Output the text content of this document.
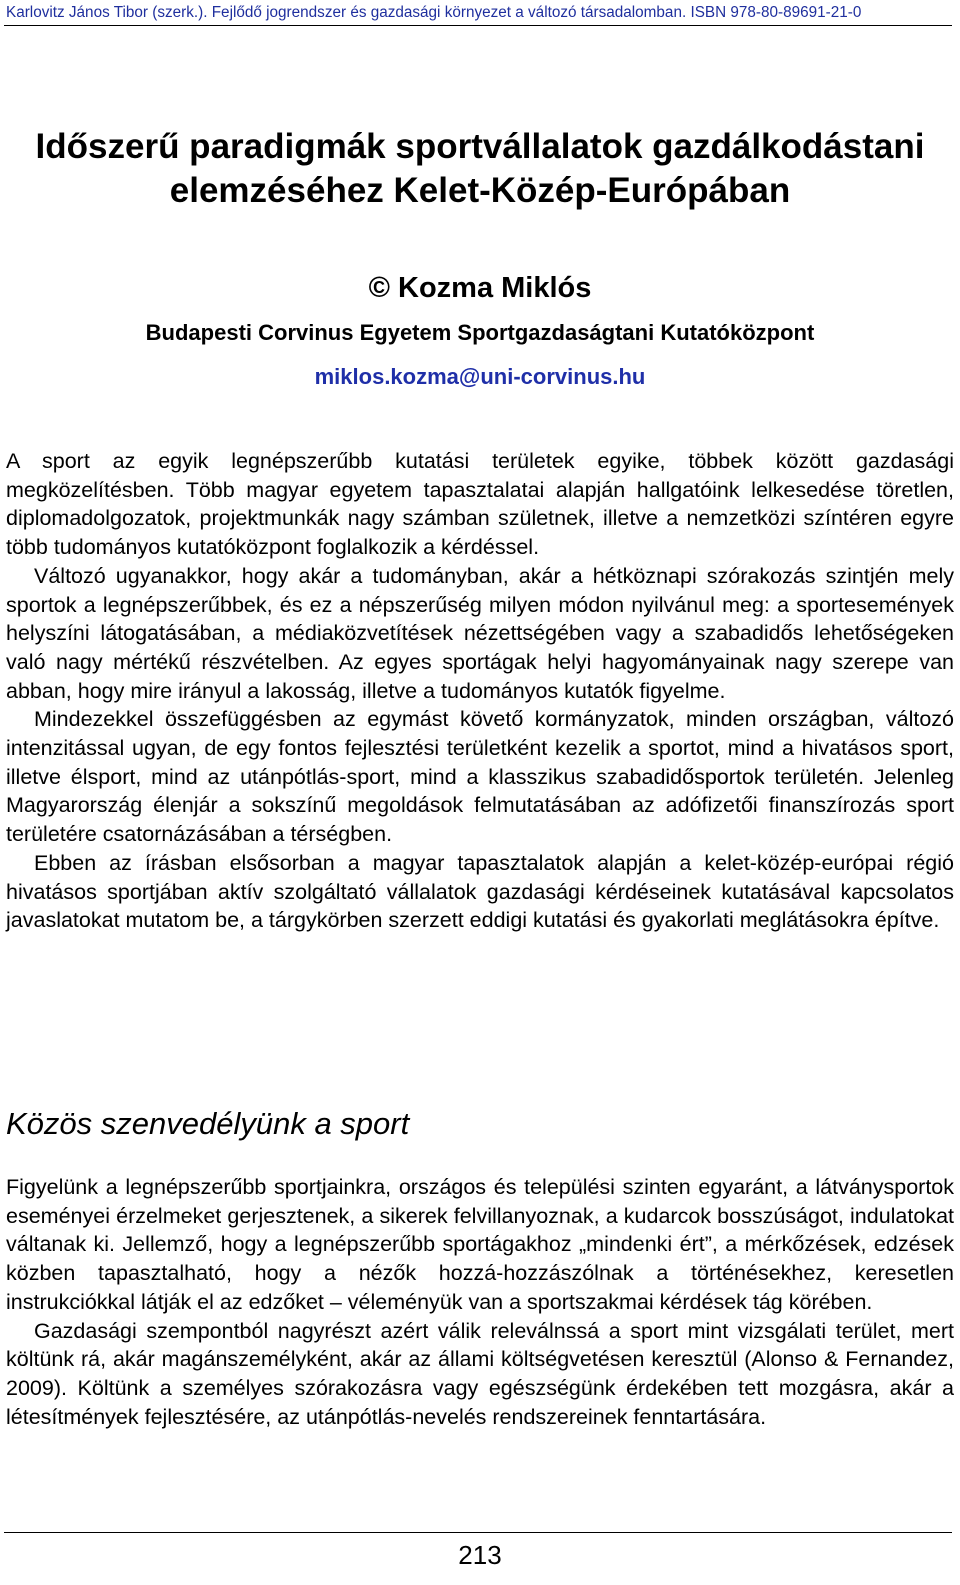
Karlovitz János Tibor (szerk.). Fejlődő jogrendszer és gazdasági környezet a változó társadalomban. ISBN 978-80-89691-21-0
Időszerű paradigmák sportvállalatok gazdálkodástani elemzéséhez Kelet-Közép-Európában
© Kozma Miklós
Budapesti Corvinus Egyetem Sportgazdaságtani Kutatóközpont
miklos.kozma@uni-corvinus.hu

A sport az egyik legnépszerűbb kutatási területek egyike, többek között gazdasági megközelítésben. Több magyar egyetem tapasztalatai alapján hallgatóink lelkesedése töretlen, diplomadolgozatok, projektmunkák nagy számban születnek, illetve a nemzetközi színtéren egyre több tudományos kutatóközpont foglalkozik a kérdéssel.

Változó ugyanakkor, hogy akár a tudományban, akár a hétköznapi szórakozás szintjén mely sportok a legnépszerűbbek, és ez a népszerűség milyen módon nyilvánul meg: a sportesemények helyszíni látogatásában, a médiaközvetítések nézettségében vagy a szabadidős lehetőségeken való nagy mértékű részvételben. Az egyes sportágak helyi hagyományainak nagy szerepe van abban, hogy mire irányul a lakosság, illetve a tudományos kutatók figyelme.

Mindezekkel összefüggésben az egymást követő kormányzatok, minden országban, változó intenzitással ugyan, de egy fontos fejlesztési területként kezelik a sportot, mind a hivatásos sport, illetve élsport, mind az utánpótlás-sport, mind a klasszikus szabadidősportok területén. Jelenleg Magyarország élenjár a sokszínű megoldások felmutatásában az adófizetői finanszírozás sport területére csatornázásában a térségben.

Ebben az írásban elsősorban a magyar tapasztalatok alapján a kelet-közép-európai régió hivatásos sportjában aktív szolgáltató vállalatok gazdasági kérdéseinek kutatásával kapcsolatos javaslatokat mutatom be, a tárgykörben szerzett eddigi kutatási és gyakorlati meglátásokra építve.

Közös szenvedélyünk a sport

Figyelünk a legnépszerűbb sportjainkra, országos és települési szinten egyaránt, a látványsportok eseményei érzelmeket gerjesztenek, a sikerek felvillanyoznak, a kudarcok bosszúságot, indulatokat váltanak ki. Jellemző, hogy a legnépszerűbb sportágakhoz „mindenki ért”, a mérkőzések, edzések közben tapasztalható, hogy a nézők hozzá-hozzászólnak a történésekhez, keresetlen instrukciókkal látják el az edzőket – véleményük van a sportszakmai kérdések tág körében.

Gazdasági szempontból nagyrészt azért válik releválnssá a sport mint vizsgálati terület, mert költünk rá, akár magánszemélyként, akár az állami költségvetésen keresztül (Alonso & Fernandez, 2009). Költünk a személyes szórakozásra vagy egészségünk érdekében tett mozgásra, akár a létesítmények fejlesztésére, az utánpótlás-nevelés rendszereinek fenntartására.

213
